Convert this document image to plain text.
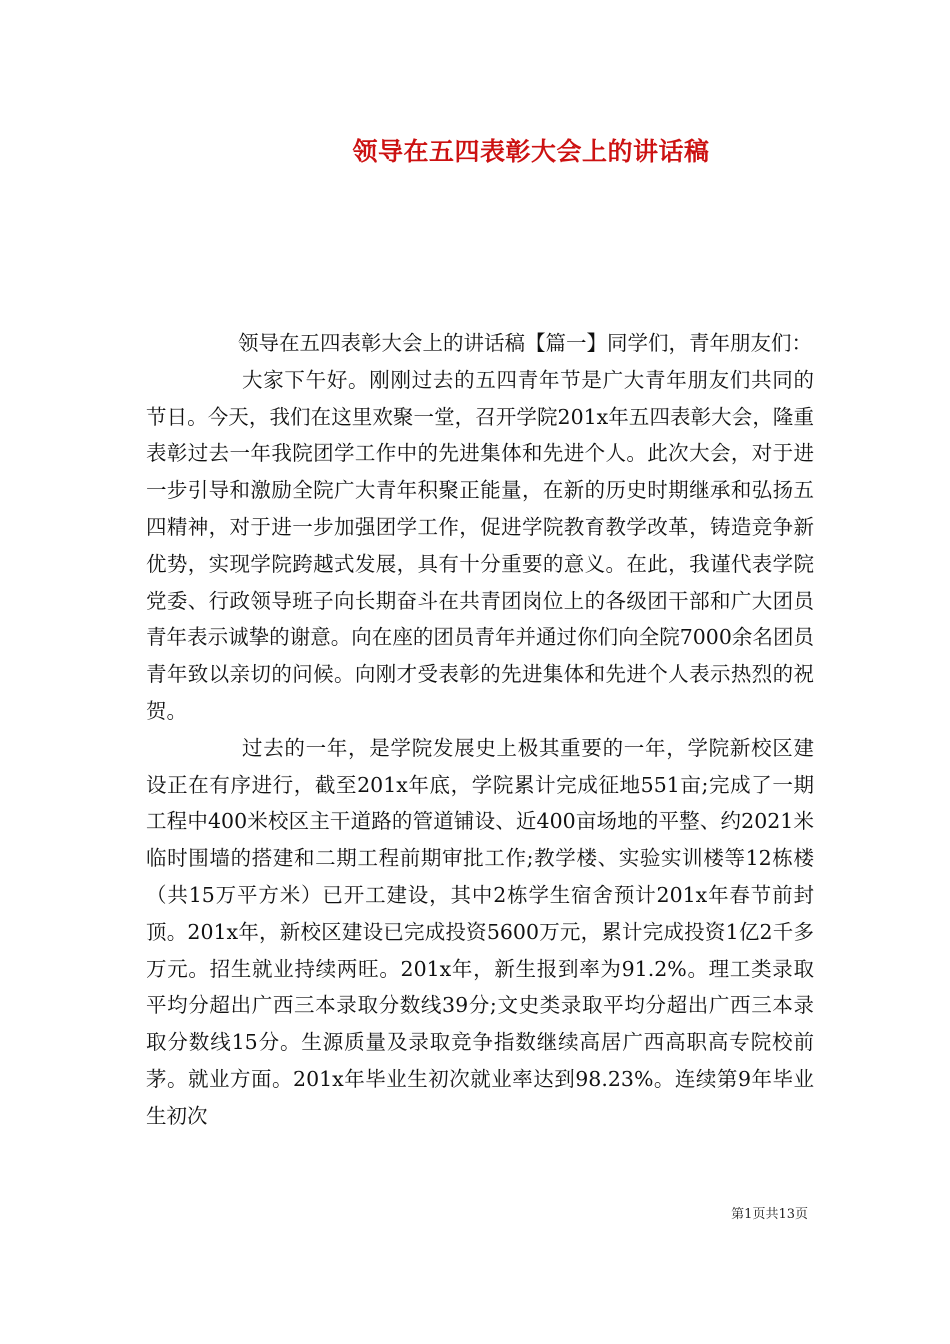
领导在五四表彰大会上的讲话稿

领导在五四表彰大会上的讲话稿【篇一】同学们，青年朋友们：

大家下午好。刚刚过去的五四青年节是广大青年朋友们共同的节日。今天，我们在这里欢聚一堂，召开学院201x年五四表彰大会，隆重表彰过去一年我院团学工作中的先进集体和先进个人。此次大会，对于进一步引导和激励全院广大青年积聚正能量，在新的历史时期继承和弘扬五四精神，对于进一步加强团学工作，促进学院教育教学改革，铸造竞争新优势，实现学院跨越式发展，具有十分重要的意义。在此，我谨代表学院党委、行政领导班子向长期奋斗在共青团岗位上的各级团干部和广大团员青年表示诚挚的谢意。向在座的团员青年并通过你们向全院7000余名团员青年致以亲切的问候。向刚才受表彰的先进集体和先进个人表示热烈的祝贺。

过去的一年，是学院发展史上极其重要的一年，学院新校区建设正在有序进行，截至201x年底，学院累计完成征地551亩;完成了一期工程中400米校区主干道路的管道铺设、近400亩场地的平整、约2021米临时围墙的搭建和二期工程前期审批工作;教学楼、实验实训楼等12栋楼（共15万平方米）已开工建设，其中2栋学生宿舍预计201x年春节前封顶。201x年，新校区建设已完成投资5600万元，累计完成投资1亿2千多万元。招生就业持续两旺。201x年，新生报到率为91.2%。理工类录取平均分超出广西三本录取分数线39分;文史类录取平均分超出广西三本录取分数线15分。生源质量及录取竞争指数继续高居广西高职高专院校前茅。就业方面。201x年毕业生初次就业率达到98.23%。连续第9年毕业生初次

第1页共13页
